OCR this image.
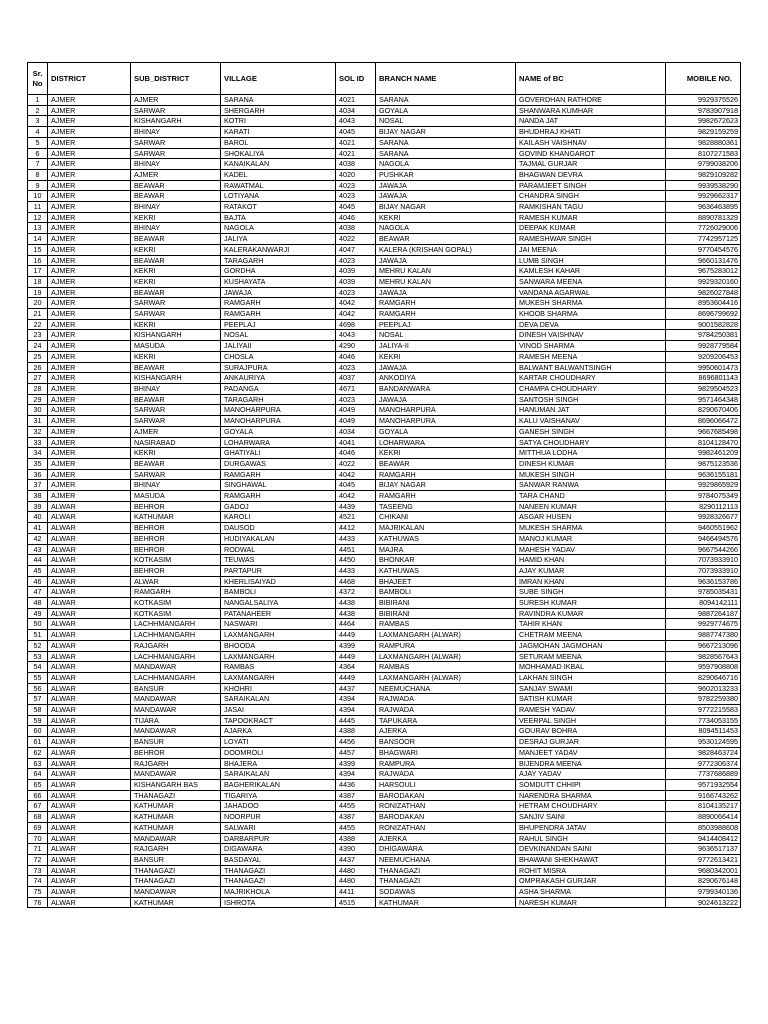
Sr. No	DISTRICT	SUB_DISTRICT	VILLAGE	SOL ID	BRANCH NAME	NAME of BC	MOBILE NO.
1	AJMER	AJMER	SARANA	4021	SARANA	GOVERDHAN RATHORE	9929375526
2	AJMER	SARWAR	SHERGARH	4034	GOYALA	SHANWARA KUMHAR	9783907918
3	AJMER	KISHANGARH	KOTRI	4043	NOSAL	NANDA JAT	9982672623
4	AJMER	BHINAY	KARATI	4045	BIJAY NAGAR	BHUDHRAJ KHATI	9829159259
5	AJMER	SARWAR	BAROL	4021	SARANA	KAILASH VAISHNAV	9828880361
6	AJMER	SARWAR	SHOKALIYA	4021	SARANA	GOVIND KHANGAROT	8107271583
7	AJMER	BHINAY	KANAIKALAN	4038	NAGOLA	TAJMAL GURJAR	9799038206
8	AJMER	AJMER	KADEL	4020	PUSHKAR	BHAGWAN DEVRA	9829109282
9	AJMER	BEAWAR	RAWATMAL	4023	JAWAJA	PARAMJEET SINGH	9939538290
10	AJMER	BEAWAR	LOTIYANA	4023	JAWAJA	CHANDRA SINGH	9929662317
11	AJMER	BHINAY	RATAKOT	4045	BIJAY NAGAR	RAMKISHAN TAGU	9636463895
12	AJMER	KEKRI	BAJTA	4046	KEKRI	RAMESH KUMAR	8890781329
13	AJMER	BHINAY	NAGOLA	4038	NAGOLA	DEEPAK KUMAR	7726029006
14	AJMER	BEAWAR	JALIYA	4022	BEAWAR	RAMESHWAR SINGH	7742957125
15	AJMER	KEKRI	KALERAKANWARJI	4047	KALERA (KRISHAN GOPAL)	JAI MEENA	9770454576
16	AJMER	BEAWAR	TARAGARH	4023	JAWAJA	LUMB SINGH	9660131476
17	AJMER	KEKRI	GORDHA	4039	MEHRU KALAN	KAMLESH KAHAR	9675283012
18	AJMER	KEKRI	KUSHAYATA	4039	MEHRU KALAN	SANWARA MEENA	9929320160
19	AJMER	BEAWAR	JAWAJA	4023	JAWAJA	VANDANA AGARWAL	9826027848
20	AJMER	SARWAR	RAMGARH	4042	RAMGARH	MUKESH SHARMA	8953604416
21	AJMER	SARWAR	RAMGARH	4042	RAMGARH	KHOOB SHARMA	8696799692
22	AJMER	KEKRI	PEEPLAJ	4698	PEEPLAJ	DEVA DEVA	9001582828
23	AJMER	KISHANGARH	NOSAL	4043	NOSAL	DINESH VAISHNAV	9784250381
24	AJMER	MASUDA	JALIYAII	4290	JALIYA-II	VINOD SHARMA	9928779584
25	AJMER	KEKRI	CHOSLA	4046	KEKRI	RAMESH MEENA	9209206453
26	AJMER	BEAWAR	SURAJPURA	4023	JAWAJA	BALWANT BALWANTSINGH	9950601473
27	AJMER	KISHANGARH	ANKAURIYA	4037	ANKODIYA	KARTAR CHOUDHARY	8696801143
28	AJMER	BHINAY	PADANGA	4671	BANDANWARA	CHAMPA CHOUDHARY	9829504523
29	AJMER	BEAWAR	TARAGARH	4023	JAWAJA	SANTOSH SINGH	9571464348
30	AJMER	SARWAR	MANOHARPURA	4049	MANOHARPURA	HANUMAN JAT	8290670406
31	AJMER	SARWAR	MANOHARPURA	4049	MANOHARPURA	KALU VAISHANAV	8696066472
32	AJMER	AJMER	GOYALA	4034	GOYALA	GANESH SINGH	9667685498
33	AJMER	NASIRABAD	LOHARWARA	4041	LOHARWARA	SATYA CHOUDHARY	8104128470
34	AJMER	KEKRI	GHATIYALI	4046	KEKRI	MITTHUA LODHA	9982461209
35	AJMER	BEAWAR	DURGAWAS	4022	BEAWAR	DINESH KUMAR	9875123536
36	AJMER	SARWAR	RAMGARH	4042	RAMGARH	MUKESH SINGH	9636155181
37	AJMER	BHINAY	SINGHAWAL	4045	BIJAY NAGAR	SANWAR RANWA	9929865929
38	AJMER	MASUDA	RAMGARH	4042	RAMGARH	TARA CHAND	9784075349
39	ALWAR	BEHROR	GADOJ	4439	TASEENG	NANEEN KUMAR	8290112113
40	ALWAR	KATHUMAR	KAROLI	4521	CHIKANI	ASGAR HUSEN	9928326677
41	ALWAR	BEHROR	DAUSOD	4412	MAJRIKALAN	MUKESH SHARMA	9460551962
42	ALWAR	BEHROR	HUDIYAKALAN	4433	KATHUWAS	MANOJ KUMAR	9466494576
43	ALWAR	BEHROR	RODWAL	4451	MAJRA	MAHESH YADAV	9667544266
44	ALWAR	KOTKASIM	TEUWAS	4450	BHONKAR	HAMID KHAN	7073933910
45	ALWAR	BEHROR	PARTAPUR	4433	KATHUWAS	AJAY KUMAR	7073933910
46	ALWAR	ALWAR	KHERLISAIYAD	4468	BHAJEET	IMRAN KHAN	9636153786
47	ALWAR	RAMGARH	BAMBOLI	4372	BAMBOLI	SUBE SINGH	9785035431
48	ALWAR	KOTKASIM	NANGALSALIYA	4438	BIBIRANI	SURESH KUMAR	8094142111
49	ALWAR	KOTKASIM	PATANAHEER	4438	BIBIRANI	RAVINDRA KUMAR	9887264187
50	ALWAR	LACHHMANGARH	NASWARI	4464	RAMBAS	TAHIR KHAN	9929774675
51	ALWAR	LACHHMANGARH	LAXMANGARH	4449	LAXMANGARH (ALWAR)	CHETRAM MEENA	9887747380
52	ALWAR	RAJGARH	BHOODA	4399	RAMPURA	JAGMOHAN JAGMOHAN	9667213096
53	ALWAR	LACHHMANGARH	LAXMANGARH	4449	LAXMANGARH (ALWAR)	SETURAM MEENA	9828567643
54	ALWAR	MANDAWAR	RAMBAS	4364	RAMBAS	MOHHAMAD IKBAL	9597908808
55	ALWAR	LACHHMANGARH	LAXMANGARH	4449	LAXMANGARH (ALWAR)	LAKHAN SINGH	8290646716
56	ALWAR	BANSUR	KHOHRI	4437	NEEMUCHANA	SANJAY SWAMI	9602013233
57	ALWAR	MANDAWAR	SARAIKALAN	4394	RAJWADA	SATISH KUMAR	9782259380
58	ALWAR	MANDAWAR	JASAI	4394	RAJWADA	RAMESH YADAV	9772215583
59	ALWAR	TIJARA	TAPOOKRACT	4445	TAPUKARA	VEERPAL SINGH	7734053155
60	ALWAR	MANDAWAR	AJARKA	4388	AJERKA	GOURAV BOHRA	8094511453
61	ALWAR	BANSUR	LOYATI	4456	BANSOOR	DESRAJ GURJAR	9530124595
62	ALWAR	BEHROR	DOOMROLI	4457	BHAGWARI	MANJEET YADAV	9828463724
63	ALWAR	RAJGARH	BHAJERA	4399	RAMPURA	BIJENDRA MEENA	9772306374
64	ALWAR	MANDAWAR	SARAIKALAN	4394	RAJWADA	AJAY YADAV	7737686889
65	ALWAR	KISHANGARH BAS	BAGHERIKALAN	4436	HARSOULI	SOMDUTT CHHIPI	9571932554
66	ALWAR	THANAGAZI	TIGARIYA	4387	BARODAKAN	NARENDRA SHARMA	9166743262
67	ALWAR	KATHUMAR	JAHADOO	4455	RONIZATHAN	HETRAM CHOUDHARY	8104135217
68	ALWAR	KATHUMAR	NOORPUR	4387	BARODAKAN	SANJIV SAINI	8890066414
69	ALWAR	KATHUMAR	SALWARI	4455	RONIZATHAN	BHUPENDRA JATAV	8503988608
70	ALWAR	MANDAWAR	DARBARPUR	4388	AJERKA	RAHUL SINGH	9414408412
71	ALWAR	RAJGARH	DIGAWARA	4390	DHIGAWARA	DEVKINANDAN SAINI	9636517137
72	ALWAR	BANSUR	BASDAYAL	4437	NEEMUCHANA	BHAWANI SHEKHAWAT	9772613421
73	ALWAR	THANAGAZI	THANAGAZI	4480	THANAGAZI	ROHIT MISRA	9680342001
74	ALWAR	THANAGAZI	THANAGAZI	4480	THANAGAZI	OMPRAKASH GURJAR	8290676148
75	ALWAR	MANDAWAR	MAJRIKHOLA	4411	SODAWAS	ASHA SHARMA	9799340136
76	ALWAR	KATHUMAR	ISHROTA	4515	KATHUMAR	NARESH KUMAR	9024613222
